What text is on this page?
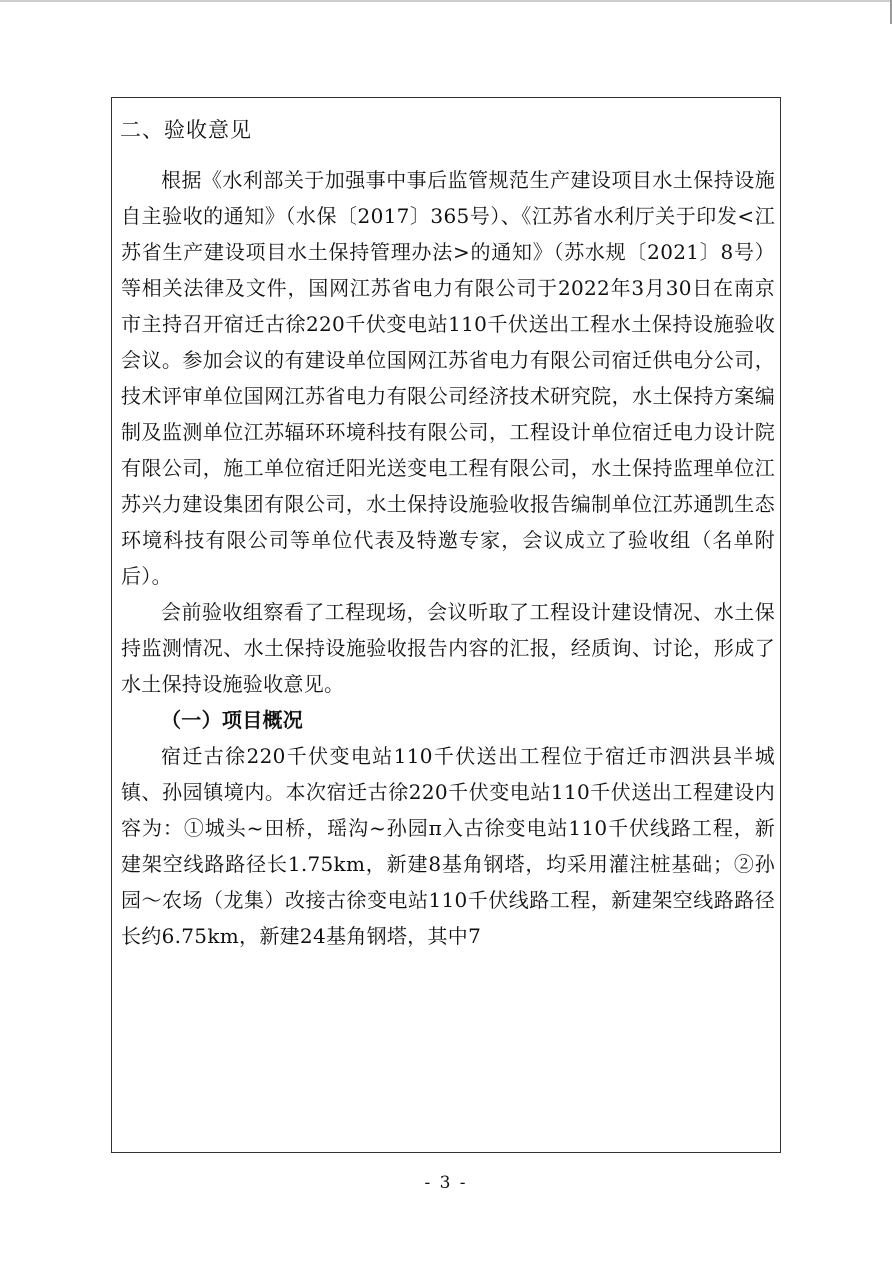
二、验收意见

根据《水利部关于加强事中事后监管规范生产建设项目水土保持设施自主验收的通知》（水保〔2017〕365号）、《江苏省水利厅关于印发<江苏省生产建设项目水土保持管理办法>的通知》（苏水规〔2021〕8号）等相关法律及文件，国网江苏省电力有限公司于2022年3月30日在南京市主持召开宿迁古徐220千伏变电站110千伏送出工程水土保持设施验收会议。参加会议的有建设单位国网江苏省电力有限公司宿迁供电分公司，技术评审单位国网江苏省电力有限公司经济技术研究院，水土保持方案编制及监测单位江苏辐环环境科技有限公司，工程设计单位宿迁电力设计院有限公司，施工单位宿迁阳光送变电工程有限公司，水土保持监理单位江苏兴力建设集团有限公司，水土保持设施验收报告编制单位江苏通凯生态环境科技有限公司等单位代表及特邀专家，会议成立了验收组（名单附后）。

会前验收组察看了工程现场，会议听取了工程设计建设情况、水土保持监测情况、水土保持设施验收报告内容的汇报，经质询、讨论，形成了水土保持设施验收意见。

（一）项目概况

宿迁古徐220千伏变电站110千伏送出工程位于宿迁市泗洪县半城镇、孙园镇境内。本次宿迁古徐220千伏变电站110千伏送出工程建设内容为：①城头~田桥，瑶沟~孙园π入古徐变电站110千伏线路工程，新建架空线路路径长1.75km，新建8基角钢塔，均采用灌注桩基础；②孙园～农场（龙集）改接古徐变电站110千伏线路工程，新建架空线路路径长约6.75km，新建24基角钢塔，其中7

- 3 -
